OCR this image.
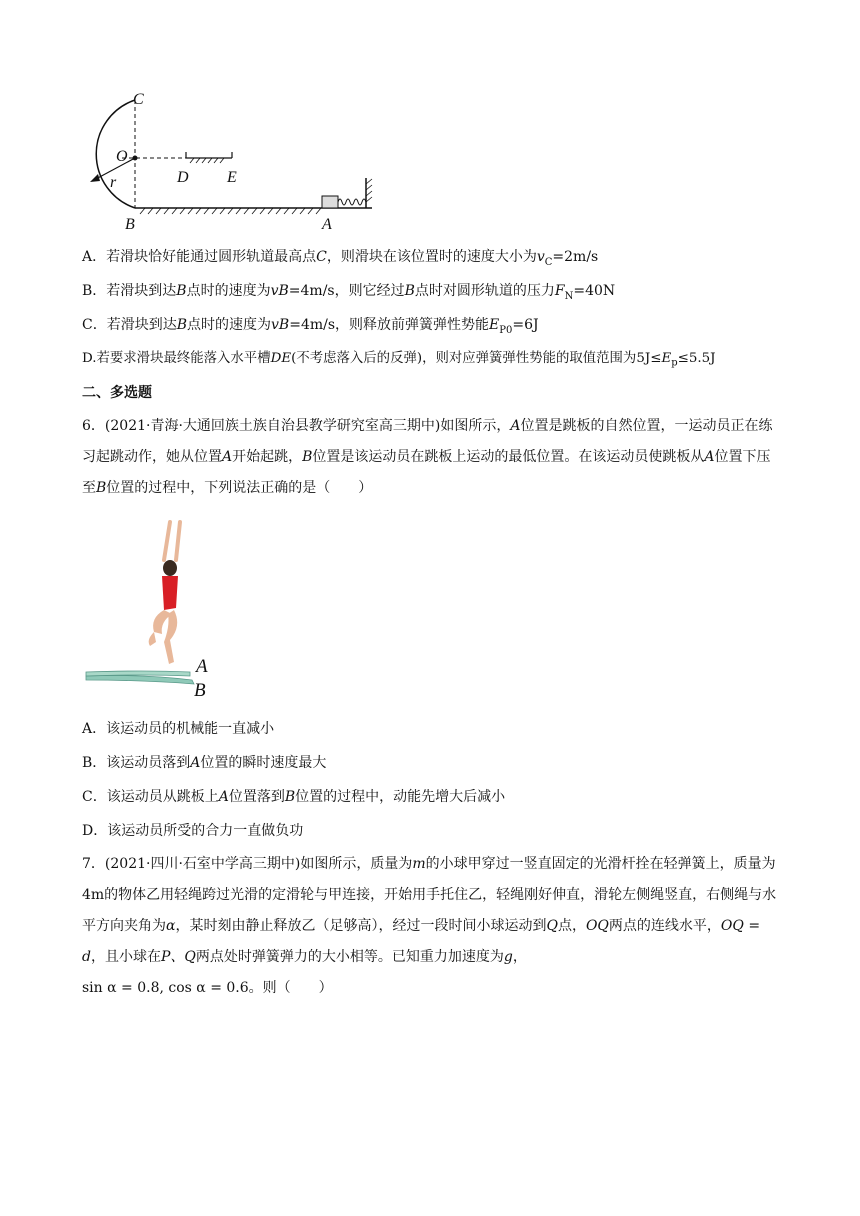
C
O
r	D E
B	A
A．若滑块恰好能通过圆形轨道最高点C，则滑块在该位置时的速度大小为$v_C=2m/s$
B．若滑块到达B点时的速度为vB=4m/s，则它经过B点时对圆形轨道的压力$F_N=40N$
C．若滑块到达B点时的速度为vB=4m/s，则释放前弹簧弹性势能$E_{P0}=6J$
D.若要求滑块最终能落入水平槽DE(不考虑落入后的反弹)，则对应弹簧弹性势能的取值范围为$5J\le E_p\le 5.5J$
二、多选题
6．(2021·青海·大通回族土族自治县教学研究室高三期中)如图所示，A位置是跳板的自然位置，一运动员正在练习起跳动作，她从位置A开始起跳，B位置是该运动员在跳板上运动的最低位置。在该运动员使跳板从A位置下压至B位置的过程中，下列说法正确的是（　　）
A
B
A．该运动员的机械能一直减小
B．该运动员落到A位置的瞬时速度最大
C．该运动员从跳板上A位置落到B位置的过程中，动能先增大后减小
D．该运动员所受的合力一直做负功
7．(2021·四川·石室中学高三期中)如图所示，质量为m的小球甲穿过一竖直固定的光滑杆拴在轻弹簧上，质量为4m的物体乙用轻绳跨过光滑的定滑轮与甲连接，开始用手托住乙，轻绳刚好伸直，滑轮左侧绳竖直，右侧绳与水平方向夹角为α，某时刻由静止释放乙（足够高），经过一段时间小球运动到Q点，OQ两点的连线水平，OQ = d，且小球在P、Q两点处时弹簧弹力的大小相等。已知重力加速度为g，
sin α = 0.8, cos α = 0.6。则（　　）
